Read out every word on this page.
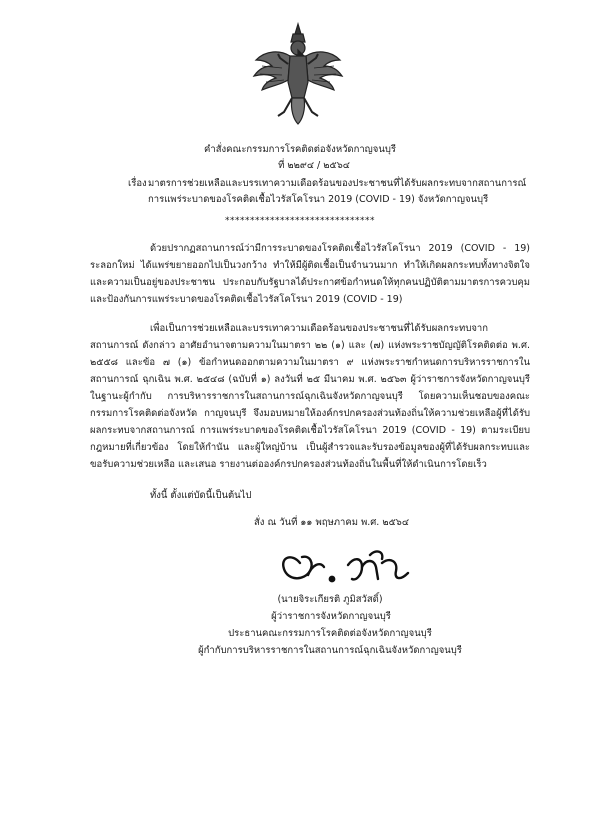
คำสั่งคณะกรรมการโรคติดต่อจังหวัดกาญจนบุรี
ที่ ๒๒๙๔ / ๒๕๖๔
เรื่อง มาตรการช่วยเหลือและบรรเทาความเดือดร้อนของประชาชนที่ได้รับผลกระทบจากสถานการณ์
การแพร่ระบาดของโรคติดเชื้อไวรัสโคโรนา 2019 (COVID - 19) จังหวัดกาญจนบุรี
******************************
ด้วยปรากฏสถานการณ์ว่ามีการระบาดของโรคติดเชื้อไวรัสโคโรนา 2019 (COVID - 19) ระลอกใหม่ ได้แพร่ขยายออกไปเป็นวงกว้าง ทำให้มีผู้ติดเชื้อเป็นจำนวนมาก ทำให้เกิดผลกระทบทั้งทางจิตใจและความเป็นอยู่ของประชาชน ประกอบกับรัฐบาลได้ประกาศข้อกำหนดให้ทุกคนปฏิบัติตามมาตรการควบคุม และป้องกันการแพร่ระบาดของโรคติดเชื้อไวรัสโคโรนา 2019 (COVID - 19)
เพื่อเป็นการช่วยเหลือและบรรเทาความเดือดร้อนของประชาชนที่ได้รับผลกระทบจากสถานการณ์ ดังกล่าว อาศัยอำนาจตามความในมาตรา ๒๒ (๑) และ (๗) แห่งพระราชบัญญัติโรคติดต่อ พ.ศ. ๒๕๕๘ และข้อ ๗ (๑) ข้อกำหนดออกตามความในมาตรา ๙ แห่งพระราชกำหนดการบริหารราชการในสถานการณ์ ฉุกเฉิน พ.ศ. ๒๕๔๘ (ฉบับที่ ๑) ลงวันที่ ๒๕ มีนาคม พ.ศ. ๒๕๖๓ ผู้ว่าราชการจังหวัดกาญจนบุรี ในฐานะผู้กำกับ การบริหารราชการในสถานการณ์ฉุกเฉินจังหวัดกาญจนบุรี โดยความเห็นชอบของคณะกรรมการโรคติดต่อจังหวัด กาญจนบุรี จึงมอบหมายให้องค์กรปกครองส่วนท้องถิ่นให้ความช่วยเหลือผู้ที่ได้รับผลกระทบจากสถานการณ์ การแพร่ระบาดของโรคติดเชื้อไวรัสโคโรนา 2019 (COVID - 19) ตามระเบียบ กฎหมายที่เกี่ยวข้อง โดยให้กำนัน และผู้ใหญ่บ้าน เป็นผู้สำรวจและรับรองข้อมูลของผู้ที่ได้รับผลกระทบและขอรับความช่วยเหลือ และเสนอ รายงานต่อองค์กรปกครองส่วนท้องถิ่นในพื้นที่ให้ดำเนินการโดยเร็ว
ทั้งนี้ ตั้งแต่บัดนี้เป็นต้นไป
สั่ง ณ วันที่ ๑๑ พฤษภาคม พ.ศ. ๒๕๖๔
(นายจิระเกียรติ ภูมิสวัสดิ์)
ผู้ว่าราชการจังหวัดกาญจนบุรี
ประธานคณะกรรมการโรคติดต่อจังหวัดกาญจนบุรี
ผู้กำกับการบริหารราชการในสถานการณ์ฉุกเฉินจังหวัดกาญจนบุรี
